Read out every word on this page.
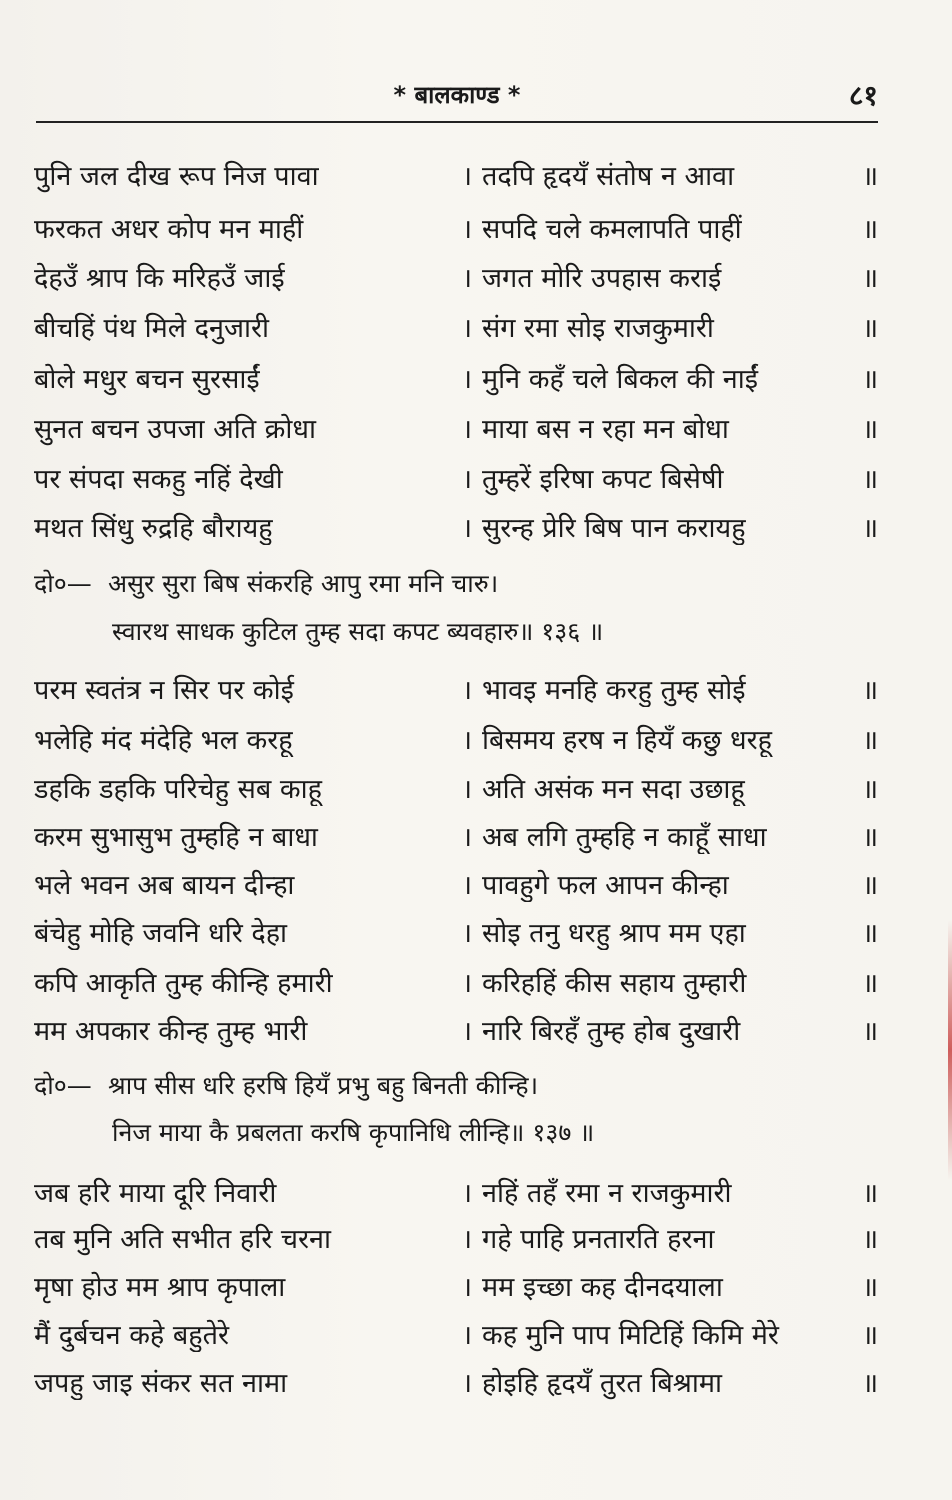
* बालकाण्ड *	८१
पुनि जल दीख रूप निज पावा	। तदपि हृदयँ संतोष न आवा	॥
फरकत अधर कोप मन माहीं	। सपदि चले कमलापति पाहीं	॥
देहउँ श्राप कि मरिहउँ जाई	। जगत मोरि उपहास कराई	॥
बीचहिं पंथ मिले दनुजारी	। संग रमा सोइ राजकुमारी	॥
बोले मधुर बचन सुरसाईं	। मुनि कहँ चले बिकल की नाईं	॥
सुनत बचन उपजा अति क्रोधा	। माया बस न रहा मन बोधा	॥
पर संपदा सकहु नहिं देखी	। तुम्हरें इरिषा कपट बिसेषी	॥
मथत सिंधु रुद्रहि बौरायहु	। सुरन्ह प्रेरि बिष पान करायहु	॥
दो०— असुर सुरा बिष संकरहि आपु रमा मनि चारु।
स्वारथ साधक कुटिल तुम्ह सदा कपट ब्यवहारु॥ १३६ ॥
परम स्वतंत्र न सिर पर कोई	। भावइ मनहि करहु तुम्ह सोई	॥
भलेहि मंद मंदेहि भल करहू	। बिसमय हरष न हियँ कछु धरहू	॥
डहकि डहकि परिचेहु सब काहू	। अति असंक मन सदा उछाहू	॥
करम सुभासुभ तुम्हहि न बाधा	। अब लगि तुम्हहि न काहूँ साधा	॥
भले भवन अब बायन दीन्हा	। पावहुगे फल आपन कीन्हा	॥
बंचेहु मोहि जवनि धरि देहा	। सोइ तनु धरहु श्राप मम एहा	॥
कपि आकृति तुम्ह कीन्हि हमारी	। करिहहिं कीस सहाय तुम्हारी	॥
मम अपकार कीन्ह तुम्ह भारी	। नारि बिरहँ तुम्ह होब दुखारी	॥
दो०— श्राप सीस धरि हरषि हियँ प्रभु बहु बिनती कीन्हि।
निज माया कै प्रबलता करषि कृपानिधि लीन्हि॥ १३७ ॥
जब हरि माया दूरि निवारी	। नहिं तहँ रमा न राजकुमारी	॥
तब मुनि अति सभीत हरि चरना	। गहे पाहि प्रनतारति हरना	॥
मृषा होउ मम श्राप कृपाला	। मम इच्छा कह दीनदयाला	॥
मैं दुर्बचन कहे बहुतेरे	। कह मुनि पाप मिटिहिं किमि मेरे	॥
जपहु जाइ संकर सत नामा	। होइहि हृदयँ तुरत बिश्रामा	॥
